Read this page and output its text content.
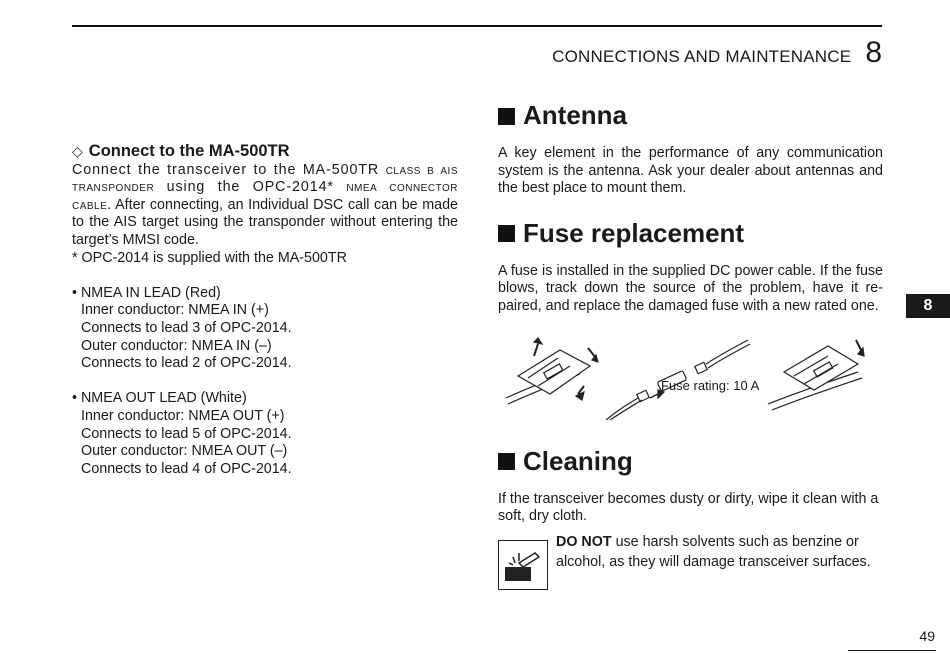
CONNECTIONS AND MAINTENANCE 8
8
◇ Connect to the MA-500TR

Connect the transceiver to the MA-500TR class b ais transponder using the OPC-2014* nmea connector cable. After connecting, an Individual DSC call can be made to the AIS target using the transponder without entering the target’s MMSI code.

* OPC-2014 is supplied with the MA-500TR

• NMEA IN LEAD (Red)

Inner conductor: NMEA IN (+)

Connects to lead 3 of OPC-2014.

Outer conductor: NMEA IN (–)

Connects to lead 2 of OPC-2014.

• NMEA OUT LEAD (White)

Inner conductor: NMEA OUT (+)

Connects to lead 5 of OPC-2014.

Outer conductor: NMEA OUT (–)

Connects to lead 4 of OPC-2014.

Antenna

A key element in the performance of any communication system is the antenna. Ask your dealer about antennas and the best place to mount them.

Fuse replacement

A fuse is installed in the supplied DC power cable. If the fuse blows, track down the source of the problem, have it re-paired, and replace the damaged fuse with a new rated one.

Fuse rating: 10 A
Cleaning

If the transceiver becomes dusty or dirty, wipe it clean with a soft, dry cloth.

DO NOT use harsh solvents such as benzine or alcohol, as they will damage transceiver surfaces.

49
